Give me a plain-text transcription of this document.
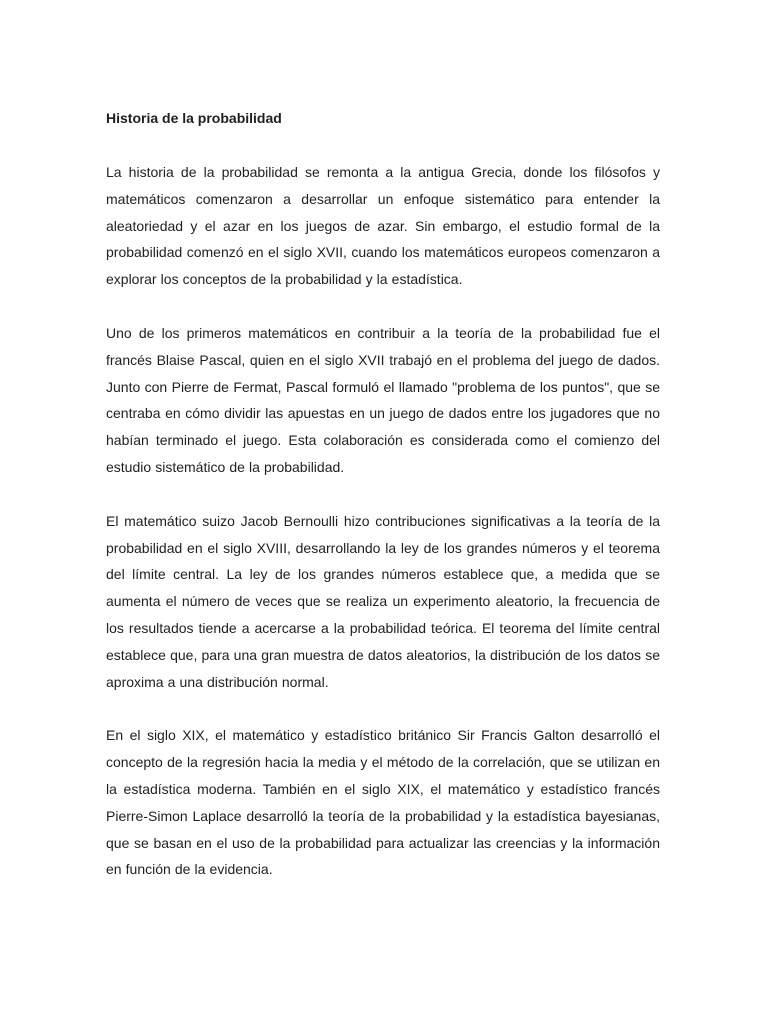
Historia de la probabilidad

La historia de la probabilidad se remonta a la antigua Grecia, donde los filósofos y matemáticos comenzaron a desarrollar un enfoque sistemático para entender la aleatoriedad y el azar en los juegos de azar. Sin embargo, el estudio formal de la probabilidad comenzó en el siglo XVII, cuando los matemáticos europeos comenzaron a explorar los conceptos de la probabilidad y la estadística.

Uno de los primeros matemáticos en contribuir a la teoría de la probabilidad fue el francés Blaise Pascal, quien en el siglo XVII trabajó en el problema del juego de dados. Junto con Pierre de Fermat, Pascal formuló el llamado "problema de los puntos", que se centraba en cómo dividir las apuestas en un juego de dados entre los jugadores que no habían terminado el juego. Esta colaboración es considerada como el comienzo del estudio sistemático de la probabilidad.

El matemático suizo Jacob Bernoulli hizo contribuciones significativas a la teoría de la probabilidad en el siglo XVIII, desarrollando la ley de los grandes números y el teorema del límite central. La ley de los grandes números establece que, a medida que se aumenta el número de veces que se realiza un experimento aleatorio, la frecuencia de los resultados tiende a acercarse a la probabilidad teórica. El teorema del límite central establece que, para una gran muestra de datos aleatorios, la distribución de los datos se aproxima a una distribución normal.

En el siglo XIX, el matemático y estadístico británico Sir Francis Galton desarrolló el concepto de la regresión hacia la media y el método de la correlación, que se utilizan en la estadística moderna. También en el siglo XIX, el matemático y estadístico francés Pierre-Simon Laplace desarrolló la teoría de la probabilidad y la estadística bayesianas, que se basan en el uso de la probabilidad para actualizar las creencias y la información en función de la evidencia.
